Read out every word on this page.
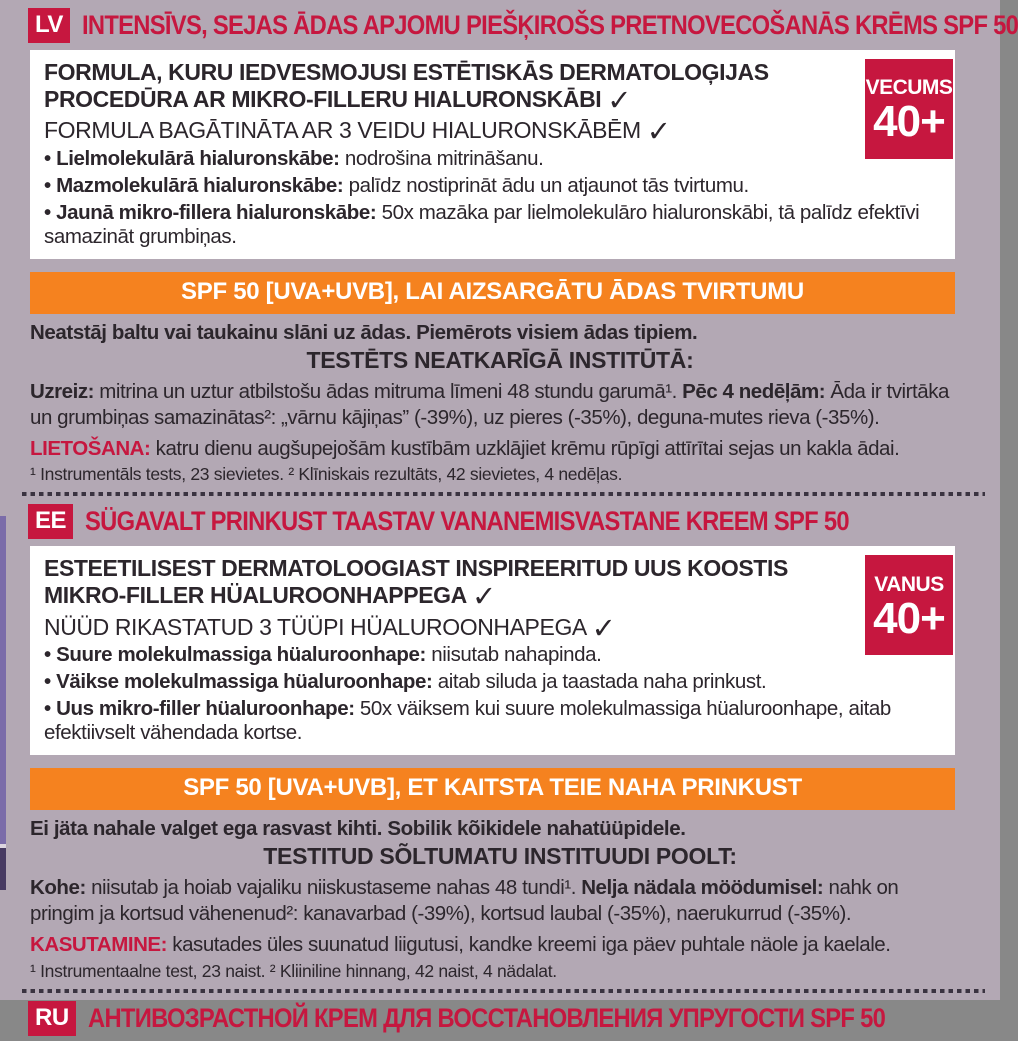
LV INTENSĪVS, SEJAS ĀDAS APJOMU PIEŠĶIROŠS PRETNOVECOŠANĀS KRĒMS SPF 50
VECUMS
40+

FORMULA, KURU IEDVESMOJUSI ESTĒTISKĀS DERMATOLOĢIJAS
PROCEDŪRA AR MIKRO-FILLERU HIALURONSKĀBI ✓

FORMULA BAGĀTINĀTA AR 3 VEIDU HIALURONSKĀBĒM ✓

• Lielmolekulārā hialuronskābe: nodrošina mitrināšanu.

• Mazmolekulārā hialuronskābe: palīdz nostiprināt ādu un atjaunot tās tvirtumu.

• Jaunā mikro-fillera hialuronskābe: 50x mazāka par lielmolekulāro hialuronskābi, tā palīdz efektīvi samazināt grumbiņas.

SPF 50 [UVA+UVB], LAI AIZSARGĀTU ĀDAS TVIRTUMU

Neatstāj baltu vai taukainu slāni uz ādas. Piemērots visiem ādas tipiem.

TESTĒTS NEATKARĪGĀ INSTITŪTĀ:

Uzreiz: mitrina un uztur atbilstošu ādas mitruma līmeni 48 stundu garumā¹. Pēc 4 nedēļām: Āda ir tvirtāka un grumbiņas samazinātas²: „vārnu kājiņas” (-39%), uz pieres (-35%), deguna-mutes rieva (-35%).

LIETOŠANA: katru dienu augšupejošām kustībām uzklājiet krēmu rūpīgi attīrītai sejas un kakla ādai.

¹ Instrumentāls tests, 23 sievietes. ² Klīniskais rezultāts, 42 sievietes, 4 nedēļas.

EE SÜGAVALT PRINKUST TAASTAV VANANEMISVASTANE KREEM SPF 50
VANUS
40+

ESTEETILISEST DERMATOLOOGIAST INSPIREERITUD UUS KOOSTIS
MIKRO-FILLER HÜALUROONHAPPEGA ✓

NÜÜD RIKASTATUD 3 TÜÜPI HÜALUROONHAPEGA ✓

• Suure molekulmassiga hüaluroonhape: niisutab nahapinda.

• Väikse molekulmassiga hüaluroonhape: aitab siluda ja taastada naha prinkust.

• Uus mikro-filler hüaluroonhape: 50x väiksem kui suure molekulmassiga hüaluroonhape, aitab efektiivselt vähendada kortse.

SPF 50 [UVA+UVB], ET KAITSTA TEIE NAHA PRINKUST

Ei jäta nahale valget ega rasvast kihti. Sobilik kõikidele nahatüüpidele.

TESTITUD SÕLTUMATU INSTITUUDI POOLT:

Kohe: niisutab ja hoiab vajaliku niiskustaseme nahas 48 tundi¹. Nelja nädala möödumisel: nahk on pringim ja kortsud vähenenud²: kanavarbad (-39%), kortsud laubal (-35%), naerukurrud (-35%).

KASUTAMINE: kasutades üles suunatud liigutusi, kandke kreemi iga päev puhtale näole ja kaelale.

¹ Instrumentaalne test, 23 naist. ² Kliiniline hinnang, 42 naist, 4 nädalat.

RU АНТИВОЗРАСТНОЙ КРЕМ ДЛЯ ВОССТАНОВЛЕНИЯ УПРУГОСТИ SPF 50
